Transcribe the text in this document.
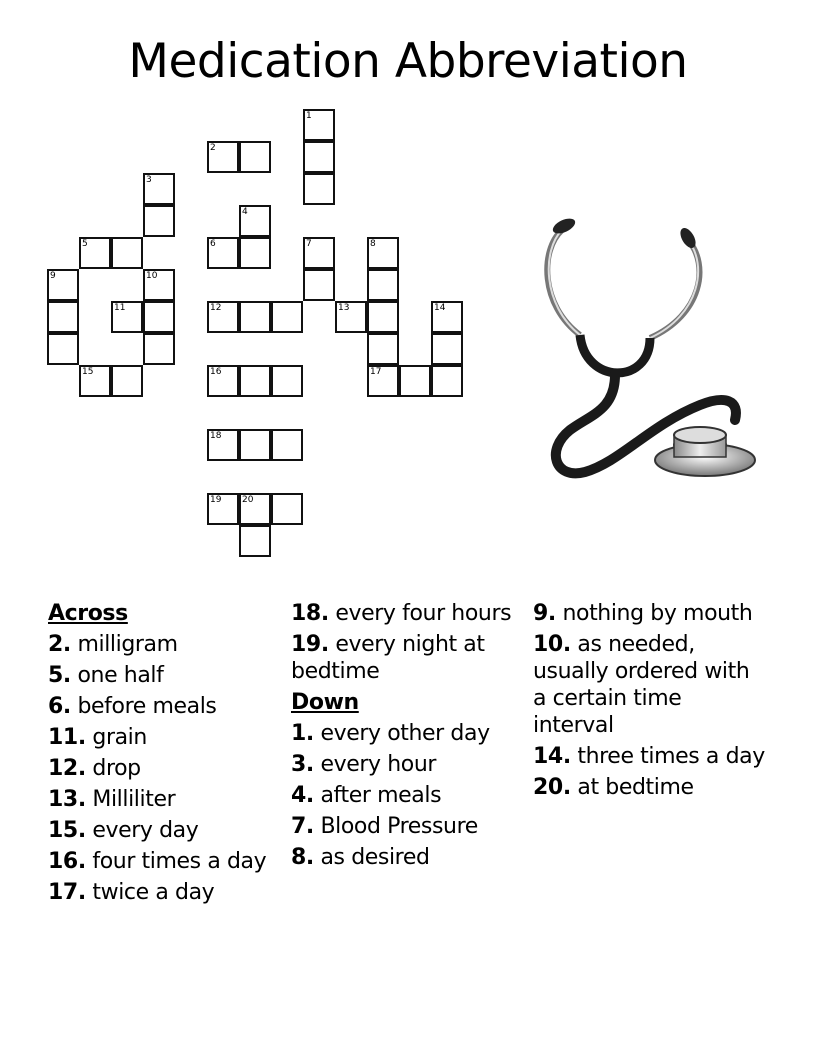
Medication Abbreviation
1
2
3
4
5	6	7	8
9	10
11	12	13	14
15	16	17
18
19 20
Across
2. milligram
5. one half
6. before meals
11. grain
12. drop
13. Milliliter
15. every day
16. four times a day
17. twice a day
18. every four hours
19. every night at bedtime
Down
1. every other day
3. every hour
4. after meals
7. Blood Pressure
8. as desired
9. nothing by mouth
10. as needed, usually ordered with a certain time interval
14. three times a day
20. at bedtime
